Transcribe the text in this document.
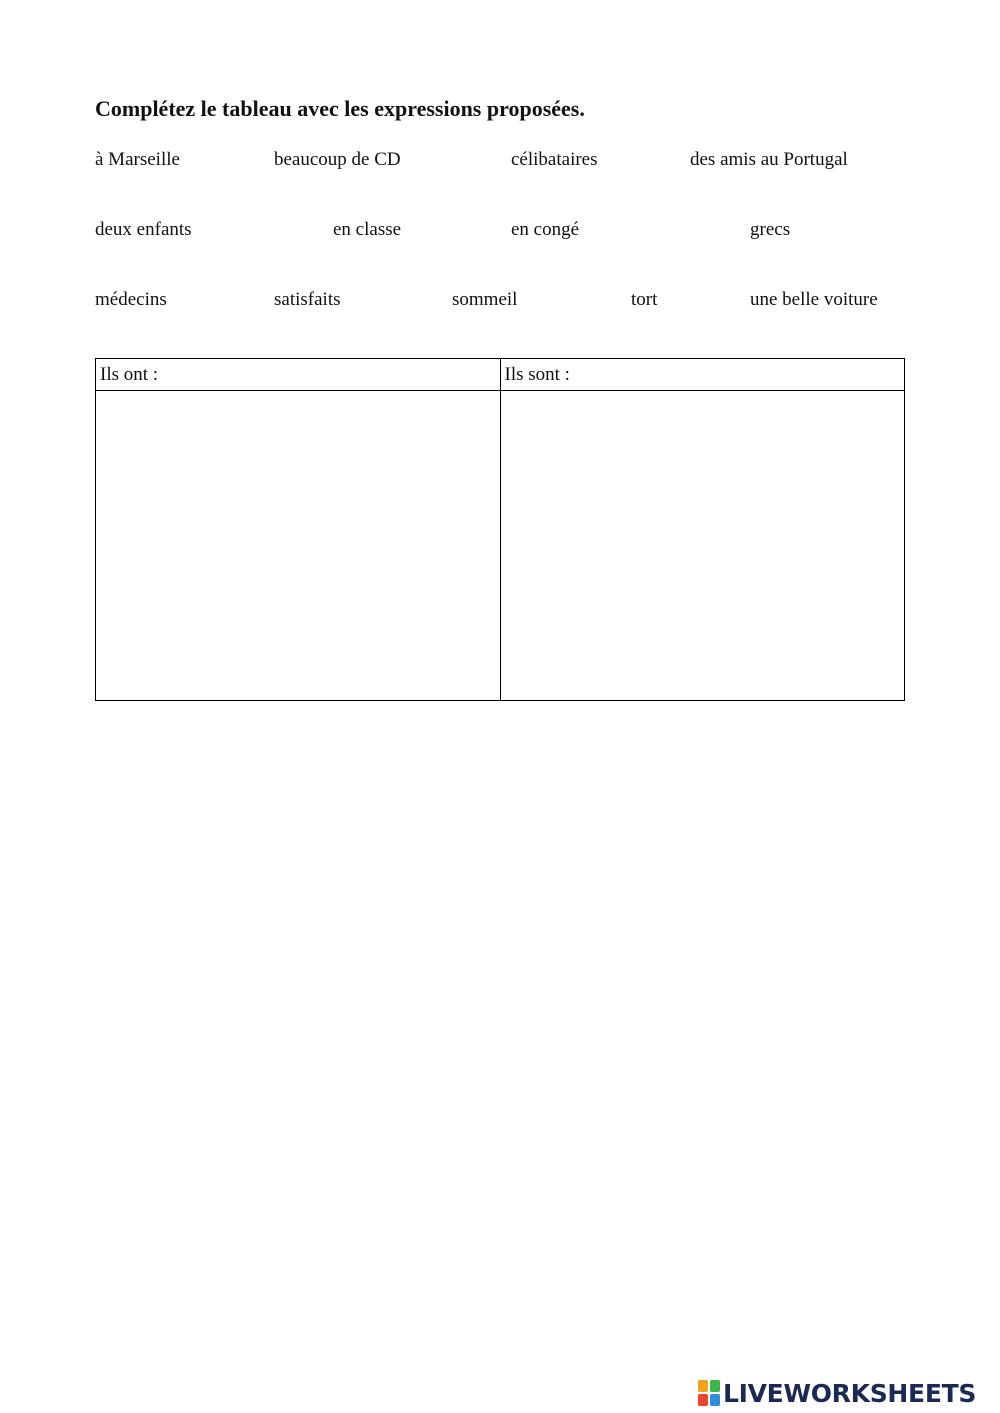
Complétez le tableau avec les expressions proposées.
à Marseille	beaucoup de CD	célibataires	des amis au Portugal
deux enfants	en classe	en congé	grecs
médecins	satisfaits	sommeil	tort	une belle voiture
Ils ont :	Ils sont :

LIVEWORKSHEETS
